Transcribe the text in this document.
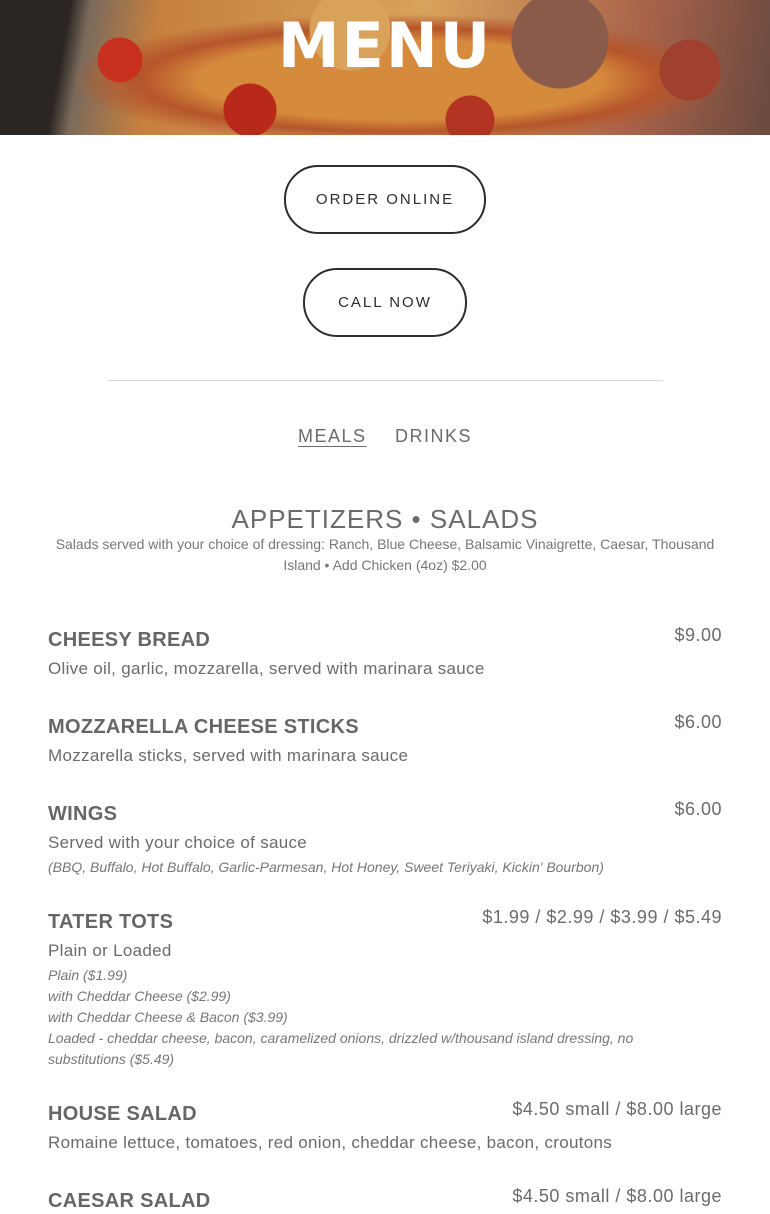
MENU
ORDER ONLINE
CALL NOW
MEALS DRINKS
APPETIZERS • SALADS
Salads served with your choice of dressing: Ranch, Blue Cheese, Balsamic Vinaigrette, Caesar, Thousand Island • Add Chicken (4oz) $2.00
CHEESY BREAD	$9.00
Olive oil, garlic, mozzarella, served with marinara sauce
MOZZARELLA CHEESE STICKS	$6.00
Mozzarella sticks, served with marinara sauce
WINGS	$6.00
Served with your choice of sauce
(BBQ, Buffalo, Hot Buffalo, Garlic-Parmesan, Hot Honey, Sweet Teriyaki, Kickin' Bourbon)
TATER TOTS	$1.99 / $2.99 / $3.99 / $5.49
Plain or Loaded
Plain ($1.99)
with Cheddar Cheese ($2.99)
with Cheddar Cheese & Bacon ($3.99)
Loaded - cheddar cheese, bacon, caramelized onions, drizzled w/thousand island dressing, no substitutions ($5.49)
HOUSE SALAD	$4.50 small / $8.00 large
Romaine lettuce, tomatoes, red onion, cheddar cheese, bacon, croutons
CAESAR SALAD	$4.50 small / $8.00 large
